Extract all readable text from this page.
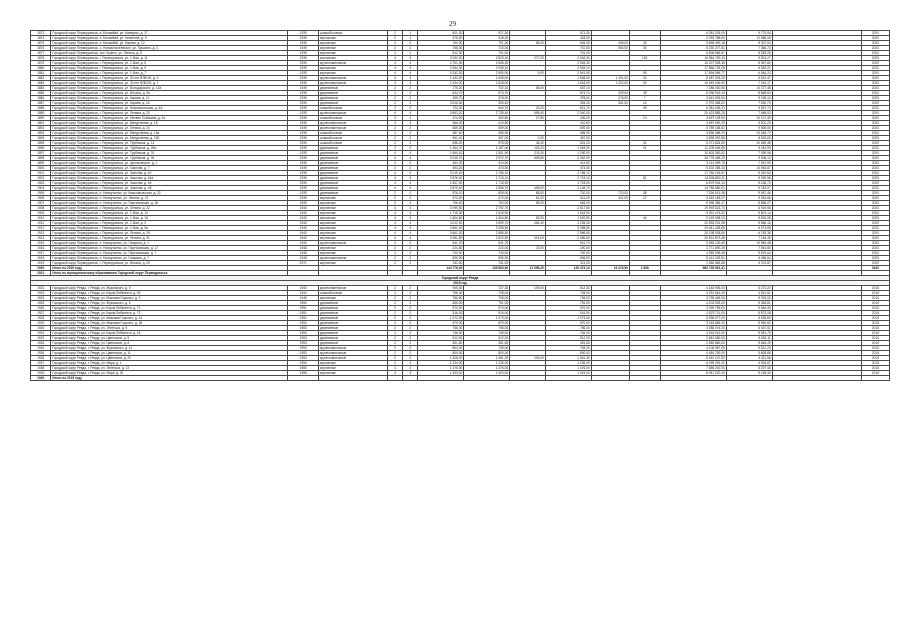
29
1873	Городской округ Первоуральск, п. Билимбай, ул. Коммуны, д. 17	1939	шлакоблочные	2	1	601,30	571,30		571,30			6 051 218,09	9 779,54		2020
1874	Городской округ Первоуральск, п. Билимбай, ул. Калинина, д. 9	1939	кирпичные	2	1	478,30	418,00		418,00			4 093 786,60	11 066,08		2020
1875	Городской округ Первоуральск, п. Билимбай, ул. Кирова, д. 12	1939	кирпичные	2	2	760,30	701,30	66,00	635,30	405,00	25	5 895 490,18	8 407,54		2020
1876	Городской округ Первоуральск, с. Новоалексеевское, ул. Пушкина, д. 1	1939	кирпичные	2	2	758,00	710,00		710,00	654,00	30	5 230 377,61	7 366,73		2020
1877	Городской округ Первоуральск, пос. Кузино, ул. Ленина, д. 5	1939	кирпичные	2	1	812,00	701,00		701,00			5 806 566,87	8 283,26		2020
1878	Городской округ Первоуральск, г. Первоуральск, ул. 1 Мая, д. 11	1939	кирпичные	4	4	3 032,30	2 823,30	277,00	2 546,30		192	16 584 750,43	5 874,27		2020
1879	Городской округ Первоуральск, г. Первоуральск, ул. 1 Мая, д. 5	1939	крупнопанельные	4	4	2 751,90	2 545,30		2 545,30			16 207 928,35	6 367,80		2020
1880	Городской округ Первоуральск, г. Первоуральск, ул. 1 Мая, д. 9	1939	кирпичные	4	4	3 264,30	2 945,10		2 945,10			17 856 703,28	6 063,21		2020
1881	Городской округ Первоуральск, г. Первоуральск, ул. 1 Мая, д. 7	1939	кирпичные	4	4	3 242,30	2 950,90	9,00	2 941,90		95	17 894 596,77	6 064,22		2020
1882	Городской округ Первоуральск, г. Первоуральск, ул. 30 лет ВЛКСМ, д. 3	1939	крупнопанельные	3	3	1 634,20	1 548,00		1 548,00	1 191,00	32	8 687 303,26	5 612,47		2020
1883	Городской округ Первоуральск, г. Первоуральск, ул. 30 лет ВЛКСМ, д. 7	1939	крупнопанельные	3	3	1 634,20	1 518,00		1 518,00	1 202,00	30	10 649 026,92	7 015,17		2020
1884	Городской округ Первоуральск, г. Первоуральск, ул. Володарского, д. 12а	1939	деревянные	2	2	775,20	702,10	65,00	637,10			7 286 030,56	10 377,48		2020
1885	Городской округ Первоуральск, г. Первоуральск, ул. Ильича, д. 9а	1939	деревянные	2	2	644,70	574,70		574,70	329,00	28	5 096 915,34	8 868,83		2020
1886	Городской округ Первоуральск, г. Первоуральск, ул. Кирова, д. 11	1939	деревянные	2	2	395,70	378,00		378,00	276,00	7	3 461 005,54	9 156,10		2020
1887	Городской округ Первоуральск, г. Первоуральск, ул. Кирова, д. 16	1939	деревянные	2	2	3 516,30	394,40		394,40	361,00	14	2 970 068,02	7 530,70		2020
1888	Городской округ Первоуральск, г. Первоуральск, ул. Комсомольская, д. 4А	1939	шлакоблочные	2	2	723,20	644,70	23,00	621,70		28	6 381 045,23	9 897,73		2020
1889	Городской округ Первоуральск, г. Первоуральск, ул. Ленина, д. 20	1939	крупнопанельные	4	4	3 853,20	2 735,40	695,40	2 040,00			20 423 883,25	7 466,53		2020
1890	Городской округ Первоуральск, г. Первоуральск, ул. Матвея Собакина, д. 2а	1939	шлакоблочные	2	2	474,00	463,80	27,80	436,00		13	4 697 128,94	10 127,49		2020
1891	Городской округ Первоуральск, г. Первоуральск, ул. Менделеева, д. 1Б	1939	крупнопанельные	3	3	386,40	410,80		410,80			3 697 692,29	9 001,20		2020
1892	Городской округ Первоуральск, г. Первоуральск, ул. Ленина, д. 20	1939	крупнопанельные	2	2	669,00	609,00		609,00			5 789 185,62	9 506,05		2020
1893	Городской округ Первоуральск, г. Первоуральск, ул. Менделеева, д. 15а	1939	шлакоблочные	2	2	387,60	365,90		365,90			3 896 368,29	10 648,72		2020
1894	Городской округ Первоуральск, г. Первоуральск, ул. Менделеева, д. 15б	1939	шлакоблочные	2	2	461,40	457,00	0,00	457,00			3 895 287,65	8 523,60		2020
1895	Городской округ Первоуральск, г. Первоуральск, ул. Трубников, д. 14	1939	шлакоблочные	2	2	638,20	575,00	44,00	531,00		31	6 071 624,59	10 559,35		2020
1896	Городской округ Первоуральск, г. Первоуральск, ул. Трубников, д. 26А	1939	деревянные	2	2	1 264,70	1 187,00	124,00	1 063,00		21	11 209 545,98	9 443,59		2020
1897	Городской округ Первоуральск, г. Первоуральск, ул. Трубников, д. 31	1939	деревянные	4	4	1 660,10	1 501,90	211,00	1 290,90			10 603 350,52	7 059,96		2020
1898	Городской округ Первоуральск, г. Первоуральск, ул. Трубников, д. 30	1939	деревянные	4	4	3 025,70	2 972,70	609,80	2 362,90			26 778 468,20	9 008,13		2020
1899	Городской округ Первоуральск, г. Первоуральск, ул. Циолковского, д. 1	1939	деревянные	2	2	460,30	414,50		414,50			3 114 099,78	7 512,90		2020
1900	Городской округ Первоуральск, г. Первоуральск, ул. Чкалова, д. 7	1939	деревянные	2	2	493,20	474,50		474,50			5 202 358,43	10 963,87		2020
1901	Городской округ Первоуральск, г. Первоуральск, ул. Чкалова, д. 40	1939	деревянные	4	4	3 019,20	2 766,10		2 766,10			17 765 216,87	6 422,54		2020
1902	Городской округ Первоуральск, г. Первоуральск, ул. Чкалова, д. 44а	1939	деревянные	4	4	2 876,40	2 715,10		2 715,10		81	14 635 890,11	5 390,56		2020
1903	Городской округ Первоуральск, г. Первоуральск, ул. Чкалова, д. 46	1939	деревянные	4	4	1 847,00	1 718,00		1 718,00			8 879 904,14	5 168,74		2020
1904	Городской округ Первоуральск, г. Первоуральск, ул. Чкалова, д. 48	1939	деревянные	4	4	2 879,40	2 556,70	408,00	2 148,70			14 785 580,02	5 783,07		2020
1905	Городской округ Первоуральск, п. Новоуткинск, ул. Комсомольская, д. 32	1939	деревянные	2	2	876,10	808,00	88,00	720,00	720,00	38	7 326 513,48	9 067,46		2020
1906	Городской округ Первоуральск, п. Новоуткинск, ул. Ленина, д. 21	1939	кирпичные	2	2	473,00	472,00	61,00	411,00	411,00	12	4 453 183,07	9 434,66		2020
1907	Городской округ Первоуральск, п. Новоуткинск, ул. Партизанская, д. 18	1939	кирпичные	2	2	796,40	700,00	55,00	645,00			5 996 386,47	8 566,27		2020
1908	Городской округ Первоуральск, г. Первоуральск, ул. Ленина, д. 22	1940	кирпичные	4	4	3 099,50	2 792,70		2 617,50			19 993 623,73	6 919,66		2020
1909	Городской округ Первоуральск, г. Первоуральск, ул. 1 Мая, д. 13	1940	кирпичные	4	4	1 715,30	1 618,90		1 618,90			9 391 474,52	5 801,14		2020
1910	Городской округ Первоуральск, г. Первоуральск, ул. 1 Мая, д. 15	1940	кирпичные	4	4	1 804,80	1 604,80	83,90	1 520,90		44	9 429 938,03	5 876,08		2020
1911	Городской округ Первоуральск, г. Первоуральск, ул. 1 Мая, д. 3	1940	кирпичные	4	4	4 012,30	3 699,70	464,40	3 235,30			20 593 201,98	5 566,16		2020
1912	Городской округ Первоуральск, г. Первоуральск, ул. 1 Мая, д. 5а	1940	кирпичные	4	4	3 861,00	3 398,50		3 398,50			20 641 428,85	6 073,68		2020
1913	Городской округ Первоуральск, г. Первоуральск, ул. Ленина, д. 29	1940	кирпичные	4	4	3 661,20	2 986,50		2 986,50			20 198 535,80	6 763,36		2020
1914	Городской округ Первоуральск, г. Первоуральск, ул. Ленина, д. 31	1940	кирпичные	4	4	3 051,80	2 870,50	414,00	2 456,50			20 513 873,48	7 146,45		2020
1915	Городской округ Первоуральск, п. Новоуткинск, ул. Гагарина, д. 1	1940	крупнопанельные	2	2	541,70	541,70		541,70			5 950 130,49	10 984,48		2020
1916	Городской округ Первоуральск, п. Новоуткинск, ул. Партизанская, д. 17	1948	кирпичные	2	2	224,80	223,00	23,00	190,00			1 771 690,25	7 944,80		2020
1917	Городской округ Первоуральск, п. Новоуткинск, ул. Партизанская, д. 7	1948	кирпичные	2	2	740,00	740,00		740,00			4 350 936,48	5 879,64		2020
1918	Городской округ Первоуральск, п. Новоуткинск, ул. Гагарина, д. 7	1948	крупнопанельные	2	2	836,90	836,90		836,90			5 412 025,61	6 466,64		2020
1919	Городской округ Первоуральск, г. Первоуральск, ул. Ильича, д. 29	1971	кирпичные	2	2	311,00	311,00		311,00			1 360 583,85	4 374,87		2020
1920	Итого по 2020 году					144 776,40	139 563,90	11 596,20	126 475,10	19 219,90	1 698	982 735 991,31			2020
1921	Итого по муниципальному образованию Городской округ Первоуральск														
Городской округ Ревда															
2015 год															
1922	Городской округ Ревда, г. Ревда, ул. Жуковского, д. 9	1940	крупнопанельные	2	2	945,00	727,30	109,00	512,30			4 146 906,00	6 272,24		2015
1923	Городской округ Ревда, г. Ревда, ул. Карла Либкнехта, д. 63	1944	шлакоблочные	2	2	756,00	728,00		728,00			3 291 661,00	4 521,51		2015
1924	Городской округ Ревда, г. Ревда, ул. Максима Горького, д. 3	1948	кирпичные	2	2	786,60	706,00		706,00			3 795 445,00	5 376,00		2015
1925	Городской округ Ревда, г. Ревда, ул. Жуковского, д. 5	1950	деревянные	2	2	835,00	751,00		751,00			4 103 925,00	5 464,61		2015
1926	Городской округ Ревда, г. Ревда, ул. Карла Либкнехта, д. 71	1951	деревянные	2	2	570,00	570,00		570,00			3 399 759,00	5 964,49		2015
1927	Городской округ Ревда, г. Ревда, ул. Карла Либкнехта, д. 73	1951	деревянные	2	2	516,00	516,00		516,00			2 875 711,00	5 573,08		2015
1928	Городской округ Ревда, г. Ревда, ул. Максима Горького, д. 14	1952	деревянные	2	2	1 072,00	1 073,00		1 073,00			5 928 977,00	5 525,60		2015
1929	Городской округ Ревда, г. Ревда, ул. Максима Горького, д. 18	1952	деревянные	2	2	570,00	570,00		570,00			3 163 856,00	5 550,62		2015
1930	Городской округ Ревда, г. Ревда, ул. Энгельса, д. 5	1953	деревянные	2	2	756,00	756,00		756,00			4 088 074,00	5 407,51		2015
1931	Городской округ Ревда, г. Ревда, ул. Карла Либкнехта, д. 16	1953	деревянные	2	2	746,00	746,00		746,00			4 164 012,00	5 581,79		2015
1932	Городской округ Ревда, г. Ревда, ул. Цветников, д. 5	1953	деревянные	2	2	512,00	512,00		512,00			2 842 680,00	5 552,11		2015
1933	Городской округ Ревда, г. Ревда, ул. Цветников, д. 8	1953	деревянные	2	2	451,60	451,60		451,60			2 550 860,00	5 648,49		2015
1934	Городской округ Ревда, г. Ревда, ул. Жуковского, д. 11	1953	крупнопанельные	2	2	803,00	745,00		745,00			4 106 587,00	5 512,20		2015
1935	Городской округ Ревда, г. Ревда, ул. Цветников, д. 11	1953	крупнопанельные	2	2	800,00	800,00		800,00			4 484 700,00	5 605,88		2015
1936	Городской округ Ревда, г. Ревда, ул. Цветников, д. 20	1953	крупнопанельные	2	2	1 528,00	1 461,30	100,00	1 361,30			6 461 147,52	4 421,56		2015
1937	Городской округ Ревда, г. Ревда, ул. Мира, д. 4	1954	кирпичные	2	2	1 234,00	1 236,00		1 236,00			6 099 251,00	4 934,67		2015
1938	Городской округ Ревда, г. Ревда, ул. Энгельса, д. 13	1955	кирпичные	3	3	1 476,00	1 476,00		1 476,00			7 686 200,00	5 207,45		2015
1939	Городской округ Ревда, г. Ревда, ул. Мира, д. 30	1955	кирпичные	3	3	1 343,00	1 343,00		1 343,00			6 941 022,00	5 168,30		2015
1940	Итого по 2015 году														
